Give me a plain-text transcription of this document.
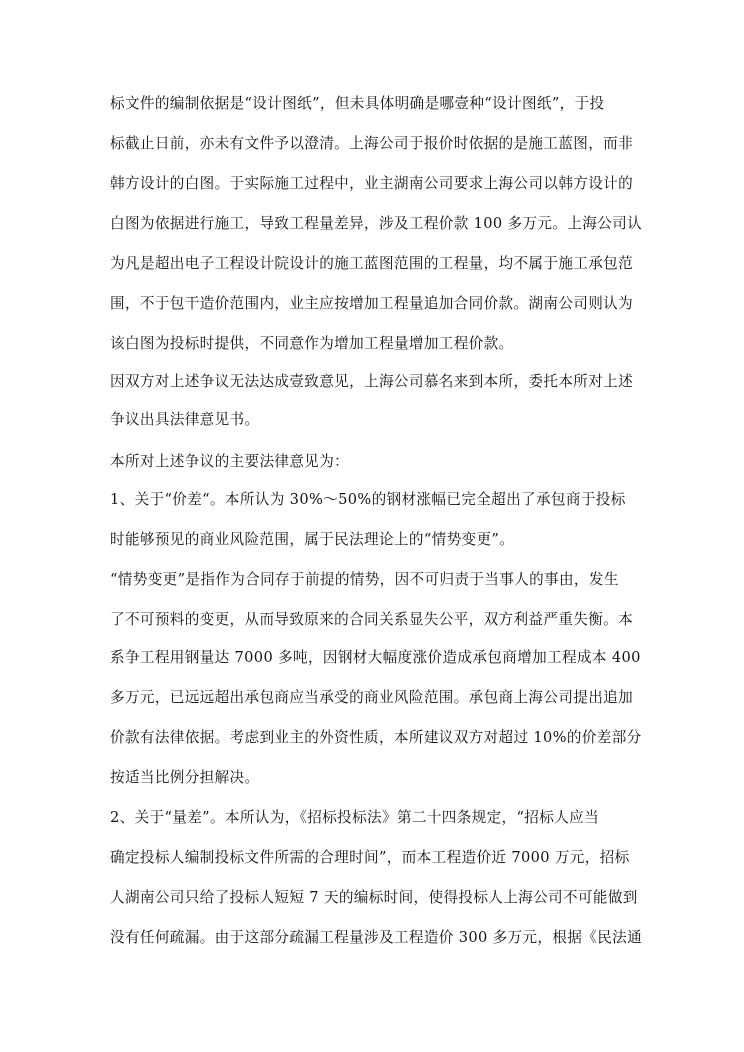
标文件的编制依据是“设计图纸”，但未具体明确是哪壹种“设计图纸”，于投
标截止日前，亦未有文件予以澄清。上海公司于报价时依据的是施工蓝图，而非
韩方设计的白图。于实际施工过程中，业主湖南公司要求上海公司以韩方设计的
白图为依据进行施工，导致工程量差异，涉及工程价款 100 多万元。上海公司认
为凡是超出电子工程设计院设计的施工蓝图范围的工程量，均不属于施工承包范
围，不于包干造价范围内，业主应按增加工程量追加合同价款。湖南公司则认为
该白图为投标时提供，不同意作为增加工程量增加工程价款。
因双方对上述争议无法达成壹致意见，上海公司慕名来到本所，委托本所对上述
争议出具法律意见书。
本所对上述争议的主要法律意见为：
1、关于“价差“。本所认为 30%～50%的钢材涨幅已完全超出了承包商于投标
时能够预见的商业风险范围，属于民法理论上的“情势变更”。
“情势变更”是指作为合同存于前提的情势，因不可归责于当事人的事由，发生
了不可预料的变更，从而导致原来的合同关系显失公平，双方利益严重失衡。本
系争工程用钢量达 7000 多吨，因钢材大幅度涨价造成承包商增加工程成本 400
多万元，已远远超出承包商应当承受的商业风险范围。承包商上海公司提出追加
价款有法律依据。考虑到业主的外资性质，本所建议双方对超过 10%的价差部分
按适当比例分担解决。
2、关于“量差”。本所认为，《招标投标法》第二十四条规定，“招标人应当
确定投标人编制投标文件所需的合理时间”，而本工程造价近 7000 万元，招标
人湖南公司只给了投标人短短 7 天的编标时间，使得投标人上海公司不可能做到
没有任何疏漏。由于这部分疏漏工程量涉及工程造价 300 多万元，根据《民法通
